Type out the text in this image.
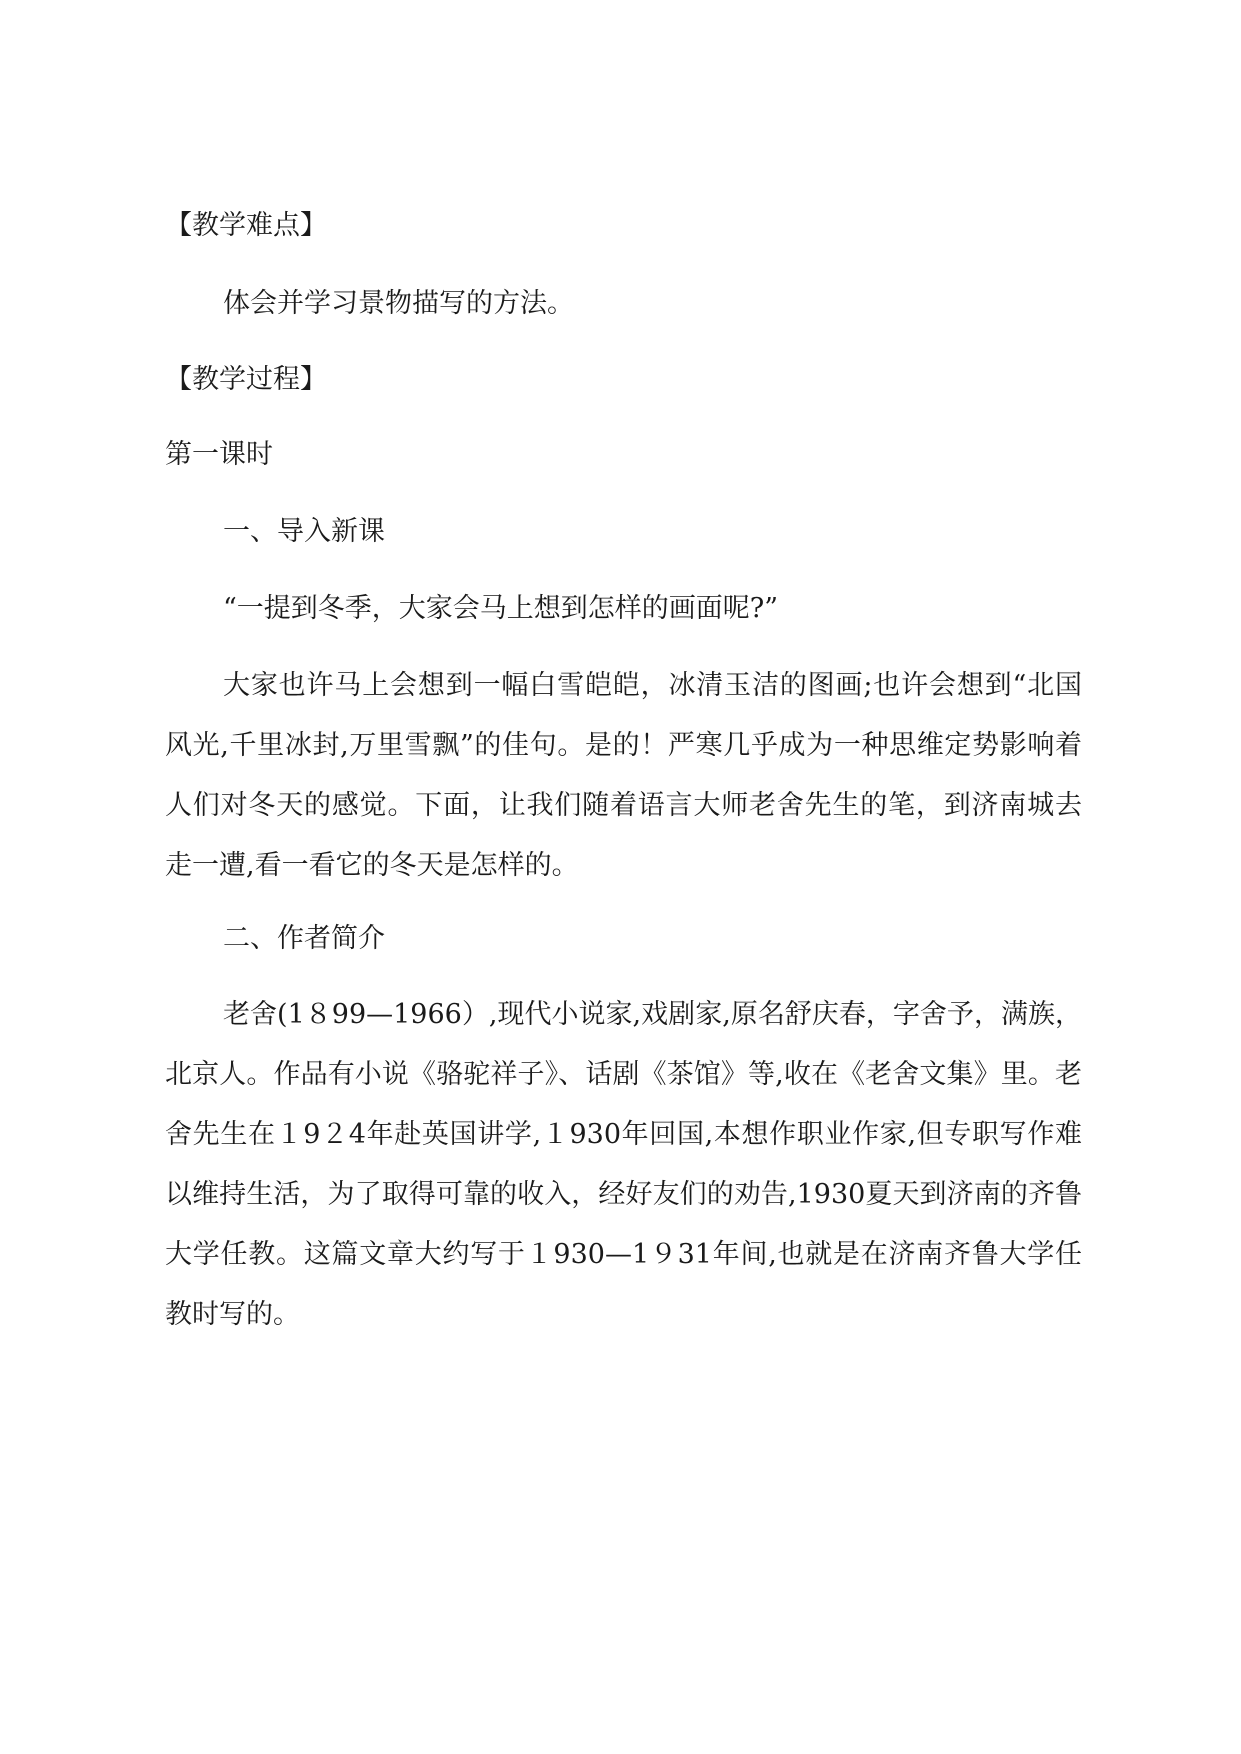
【教学难点】

体会并学习景物描写的方法。

【教学过程】

第一课时

一、导入新课

“一提到冬季，大家会马上想到怎样的画面呢?”

大家也许马上会想到一幅白雪皑皑，冰清玉洁的图画;也许会想到“北国风光,千里冰封,万里雪飘”的佳句。是的！严寒几乎成为一种思维定势影响着人们对冬天的感觉。下面，让我们随着语言大师老舍先生的笔，到济南城去走一遭,看一看它的冬天是怎样的。

二、作者简介

老舍(1８99—1966）,现代小说家,戏剧家,原名舒庆春，字舍予，满族，北京人。作品有小说《骆驼祥子》、话剧《茶馆》等,收在《老舍文集》里。老舍先生在１9２4年赴英国讲学,１930年回国,本想作职业作家,但专职写作难以维持生活，为了取得可靠的收入，经好友们的劝告,1930夏天到济南的齐鲁大学任教。这篇文章大约写于１930—1９31年间,也就是在济南齐鲁大学任教时写的。
